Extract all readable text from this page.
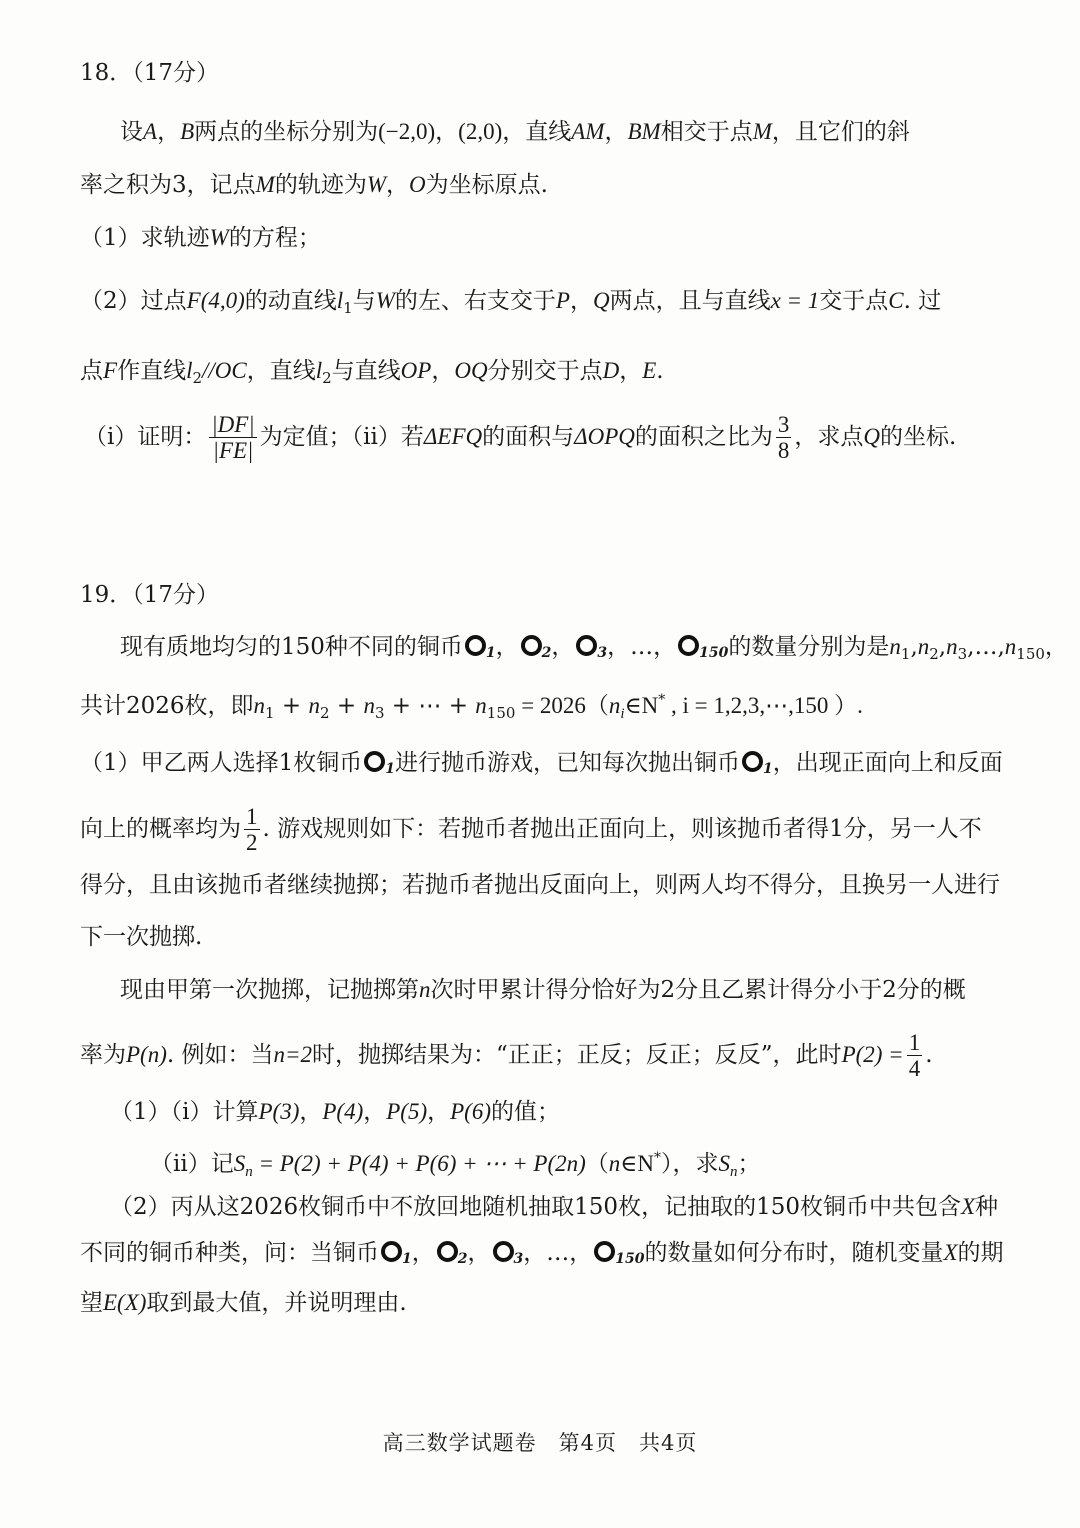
18．（17分）
设A，B两点的坐标分别为(−2,0)，(2,0)，直线AM，BM相交于点M，且它们的斜
率之积为3，记点M的轨迹为W，O为坐标原点.
（1）求轨迹W的方程；
（2）过点F(4,0)的动直线$l_1$与W的左、右支交于P，Q两点，且与直线x = 1交于点C. 过
点F作直线$l_2//OC$，直线$l_2$与直线OP，OQ分别交于点D，E.
（i）证明： $\frac{|DF|}{|FE|}$ 为定值；（ii）若ΔEFQ的面积与ΔOPQ的面积之比为 $\frac{3}{8}$ ，求点Q的坐标.
19．（17分）
现有质地均匀的150种不同的铜币 1， 2， 3，…， 150的数量分别为是$n_1,n_2,n_3,\dots,n_{150}$，
共计2026枚，即$n_1 + n_2 + n_3$ + ⋯ + $n_{150}$ = $2026(n_i\in N^*$ , i = 1,2,3,⋯,150 ）.
（1）甲乙两人选择1枚铜币 1进行抛币游戏，已知每次抛出铜币 1，出现正面向上和反面
向上的概率均为 $\frac{1}{2}$ . 游戏规则如下：若抛币者抛出正面向上，则该抛币者得1分，另一人不
得分，且由该抛币者继续抛掷；若抛币者抛出反面向上，则两人均不得分，且换另一人进行
下一次抛掷.
现由甲第一次抛掷，记抛掷第n次时甲累计得分恰好为2分且乙累计得分小于2分的概
率为P(n). 例如：当n=2时，抛掷结果为：“正正；正反；反正；反反”，此时$P(2) = \frac{1}{4}$ .
（1）（i）计算P(3)，P(4)，P(5)，P(6)的值；
（ii）记$S_n = P(2) + P(4) + P(6)$ + ⋯ + P(2n)（n∈N*），求$S_n$；
（2）丙从这2026枚铜币中不放回地随机抽取150枚，记抽取的150枚铜币中共包含X种
不同的铜币种类，问：当铜币 1， 2， 3，…， 150的数量如何分布时，随机变量X的期
望E(X)取到最大值，并说明理由.
高三数学试题卷　第4页　共4页
